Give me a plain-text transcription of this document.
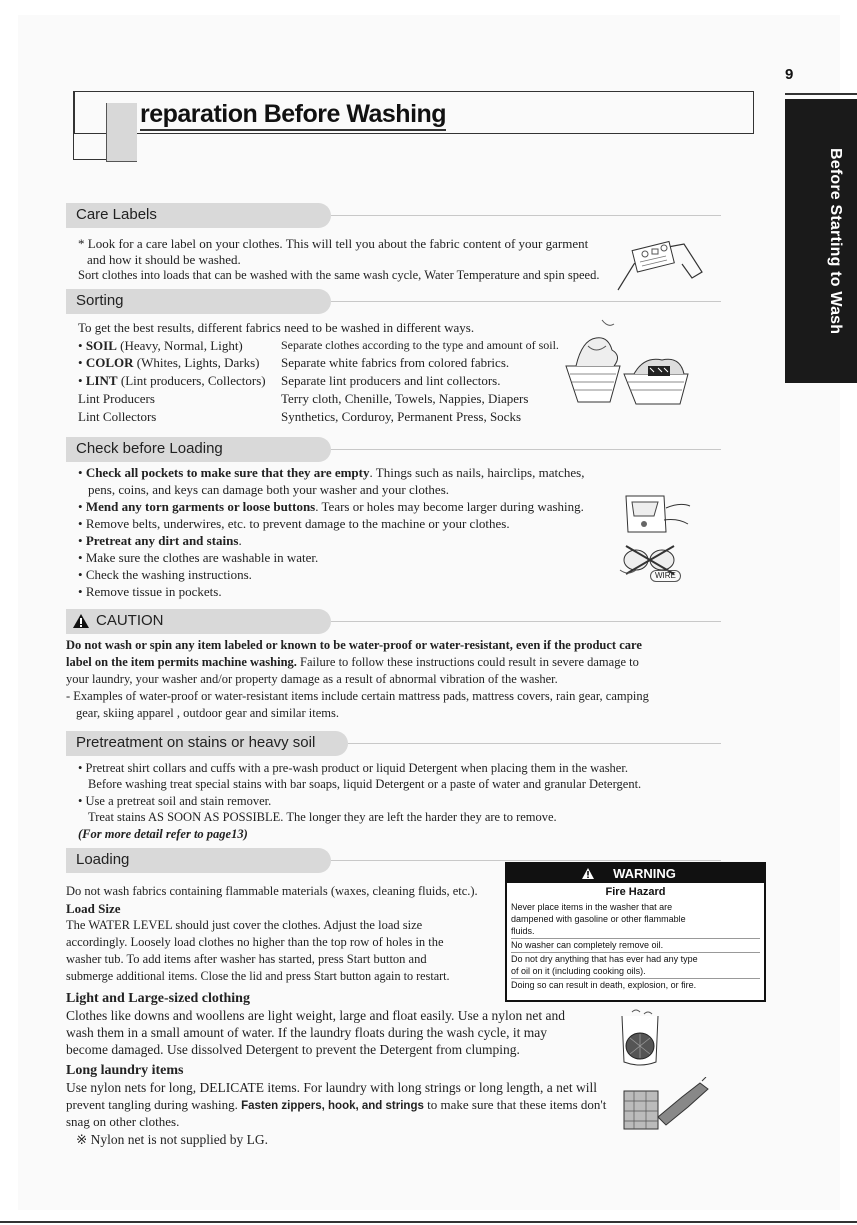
9
Before Starting to Wash
reparation Before Washing
Care Labels
* Look for a care label on your clothes. This will tell you about the fabric content of your garment
and how it should be washed.
Sort clothes into loads that can be washed with the same wash cycle, Water Temperature and spin speed.
Sorting
To get the best results, different fabrics need to be washed in different ways.
• SOIL (Heavy, Normal, Light)	Separate clothes according to the type and amount of soil.
• COLOR (Whites, Lights, Darks) Separate white fabrics from colored fabrics.
• LINT (Lint producers, Collectors) Separate lint producers and lint collectors.
Lint Producers	Terry cloth, Chenille, Towels, Nappies, Diapers
Lint Collectors	Synthetics, Corduroy, Permanent Press, Socks
Check before Loading
• Check all pockets to make sure that they are empty. Things such as nails, hairclips, matches,
pens, coins, and keys can damage both your washer and your clothes.
• Mend any torn garments or loose buttons. Tears or holes may become larger during washing.
• Remove belts, underwires, etc. to prevent damage to the machine or your clothes.
• Pretreat any dirt and stains.
• Make sure the clothes are washable in water.
• Check the washing instructions.
• Remove tissue in pockets.
WIRE
CAUTION
Do not wash or spin any item labeled or known to be water-proof or water-resistant, even if the product care
label on the item permits machine washing. Failure to follow these instructions could result in severe damage to
your laundry, your washer and/or property damage as a result of abnormal vibration of the washer.
- Examples of water-proof or water-resistant items include certain mattress pads, mattress covers, rain gear, camping
gear, skiing apparel , outdoor gear and similar items.
Pretreatment on stains or heavy soil
• Pretreat shirt collars and cuffs with a pre-wash product or liquid Detergent when placing them in the washer.
Before washing treat special stains with bar soaps, liquid Detergent or a paste of water and granular Detergent.
• Use a pretreat soil and stain remover.
Treat stains AS SOON AS POSSIBLE. The longer they are left the harder they are to remove.
(For more detail refer to page13)
Loading
Do not wash fabrics containing flammable materials (waxes, cleaning fluids, etc.).
Load Size
The WATER LEVEL should just cover the clothes. Adjust the load size
accordingly. Loosely load clothes no higher than the top row of holes in the
washer tub. To add items after washer has started, press Start button and
submerge additional items. Close the lid and press Start button again to restart.
Light and Large-sized clothing
Clothes like downs and woollens are light weight, large and float easily. Use a nylon net and
wash them in a small amount of water. If the laundry floats during the wash cycle, it may
become damaged. Use dissolved Detergent to prevent the Detergent from clumping.
Long laundry items
Use nylon nets for long, DELICATE items. For laundry with long strings or long length, a net will
prevent tangling during washing. Fasten zippers, hook, and strings to make sure that these items don't
snag on other clothes.
※ Nylon net is not supplied by LG.
WARNING
Fire Hazard
Never place items in the washer that are
dampened with gasoline or other flammable
fluids.
No washer can completely remove oil.
Do not dry anything that has ever had any type
of oil on it (including cooking oils).
Doing so can result in death, explosion, or fire.
